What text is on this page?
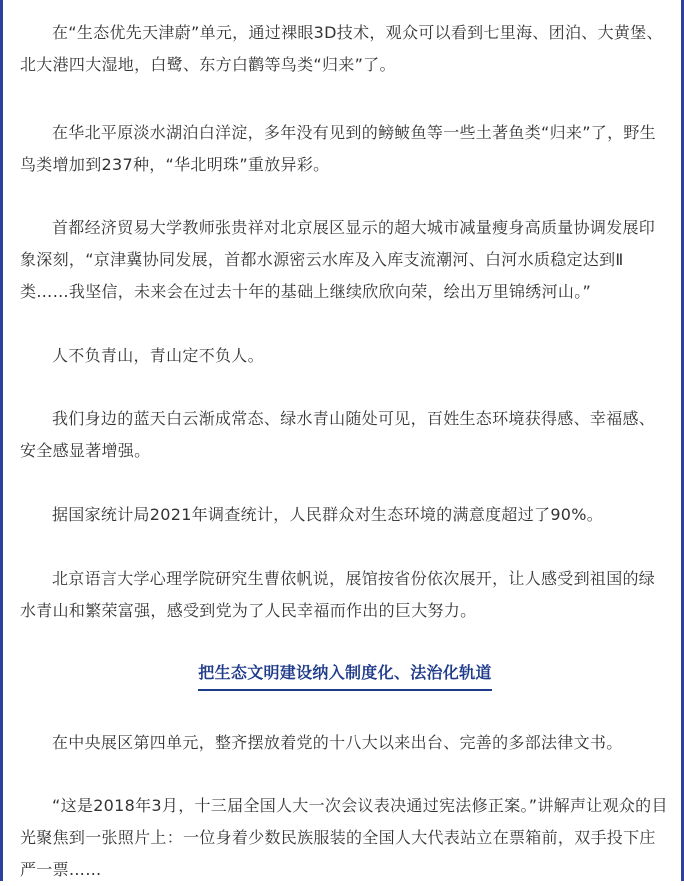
在“生态优先天津蔚”单元，通过裸眼3D技术，观众可以看到七里海、团泊、大黄堡、北大港四大湿地，白鹭、东方白鹳等鸟类“归来”了。

在华北平原淡水湖泊白洋淀，多年没有见到的鳑鲏鱼等一些土著鱼类“归来”了，野生鸟类增加到237种，“华北明珠”重放异彩。

首都经济贸易大学教师张贵祥对北京展区显示的超大城市减量瘦身高质量协调发展印象深刻，“京津冀协同发展，首都水源密云水库及入库支流潮河、白河水质稳定达到Ⅱ类……我坚信，未来会在过去十年的基础上继续欣欣向荣，绘出万里锦绣河山。”

人不负青山，青山定不负人。

我们身边的蓝天白云渐成常态、绿水青山随处可见，百姓生态环境获得感、幸福感、安全感显著增强。

据国家统计局2021年调查统计，人民群众对生态环境的满意度超过了90%。

北京语言大学心理学院研究生曹依帆说，展馆按省份依次展开，让人感受到祖国的绿水青山和繁荣富强，感受到党为了人民幸福而作出的巨大努力。

把生态文明建设纳入制度化、法治化轨道

在中央展区第四单元，整齐摆放着党的十八大以来出台、完善的多部法律文书。

“这是2018年3月，十三届全国人大一次会议表决通过宪法修正案。”讲解声让观众的目光聚焦到一张照片上：一位身着少数民族服装的全国人大代表站立在票箱前，双手投下庄严一票……
